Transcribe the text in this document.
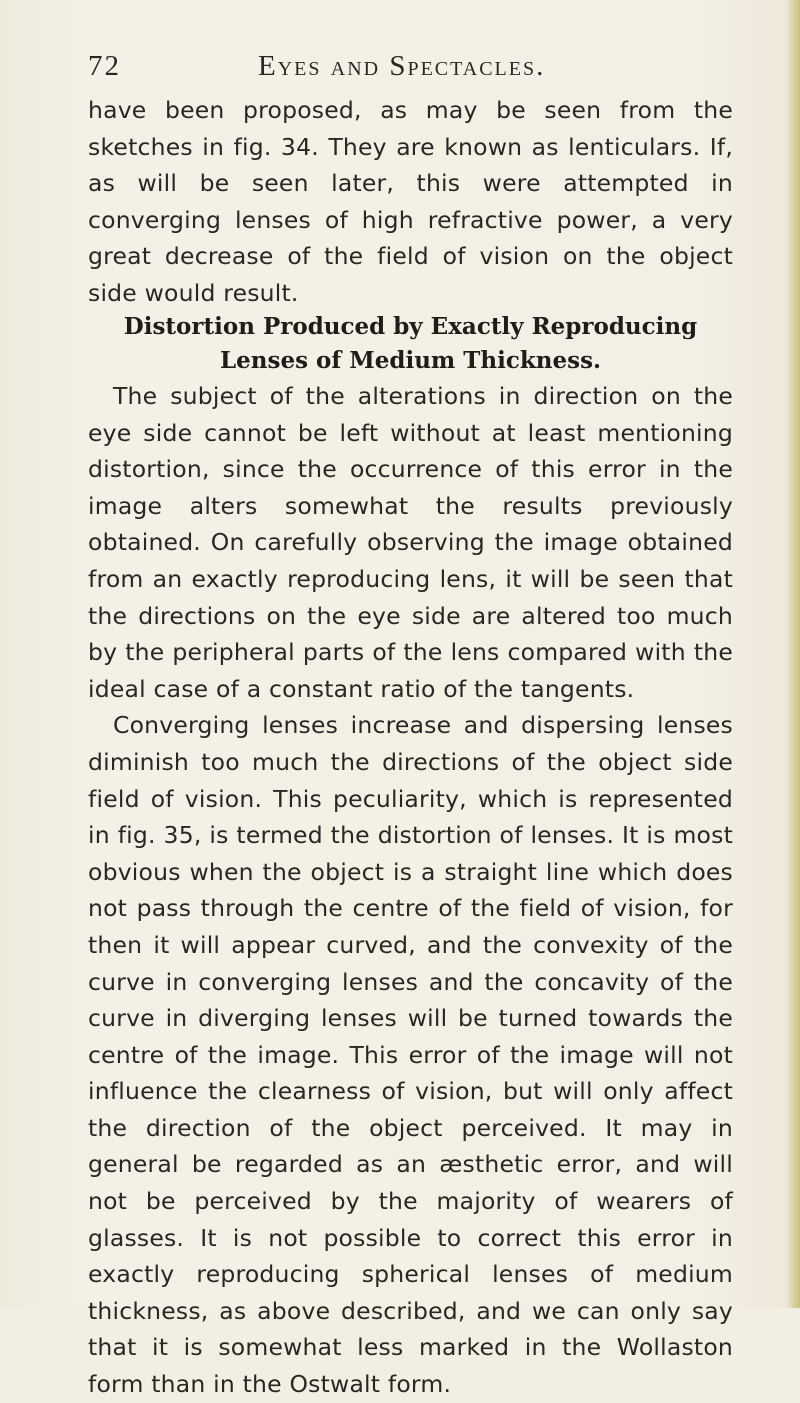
72	Eyes and Spectacles.

have been proposed, as may be seen from the sketches in fig. 34. They are known as lenticulars. If, as will be seen later, this were attempted in converging lenses of high refractive power, a very great decrease of the field of vision on the object side would result.

Distortion Produced by Exactly Reproducing
Lenses of Medium Thickness.

The subject of the alterations in direction on the eye side cannot be left without at least mentioning distortion, since the occurrence of this error in the image alters somewhat the results previously obtained. On carefully observing the image obtained from an exactly reproducing lens, it will be seen that the directions on the eye side are altered too much by the peripheral parts of the lens compared with the ideal case of a constant ratio of the tangents.

Converging lenses increase and dispersing lenses diminish too much the directions of the object side field of vision. This peculiarity, which is represented in fig. 35, is termed the distortion of lenses. It is most obvious when the object is a straight line which does not pass through the centre of the field of vision, for then it will appear curved, and the convexity of the curve in converging lenses and the concavity of the curve in diverging lenses will be turned towards the centre of the image. This error of the image will not influence the clearness of vision, but will only affect the direction of the object perceived. It may in general be regarded as an æsthetic error, and will not be perceived by the majority of wearers of glasses. It is not possible to correct this error in exactly reproducing spherical lenses of medium thickness, as above described, and we can only say that it is somewhat less marked in the Wollaston form than in the Ostwalt form.
